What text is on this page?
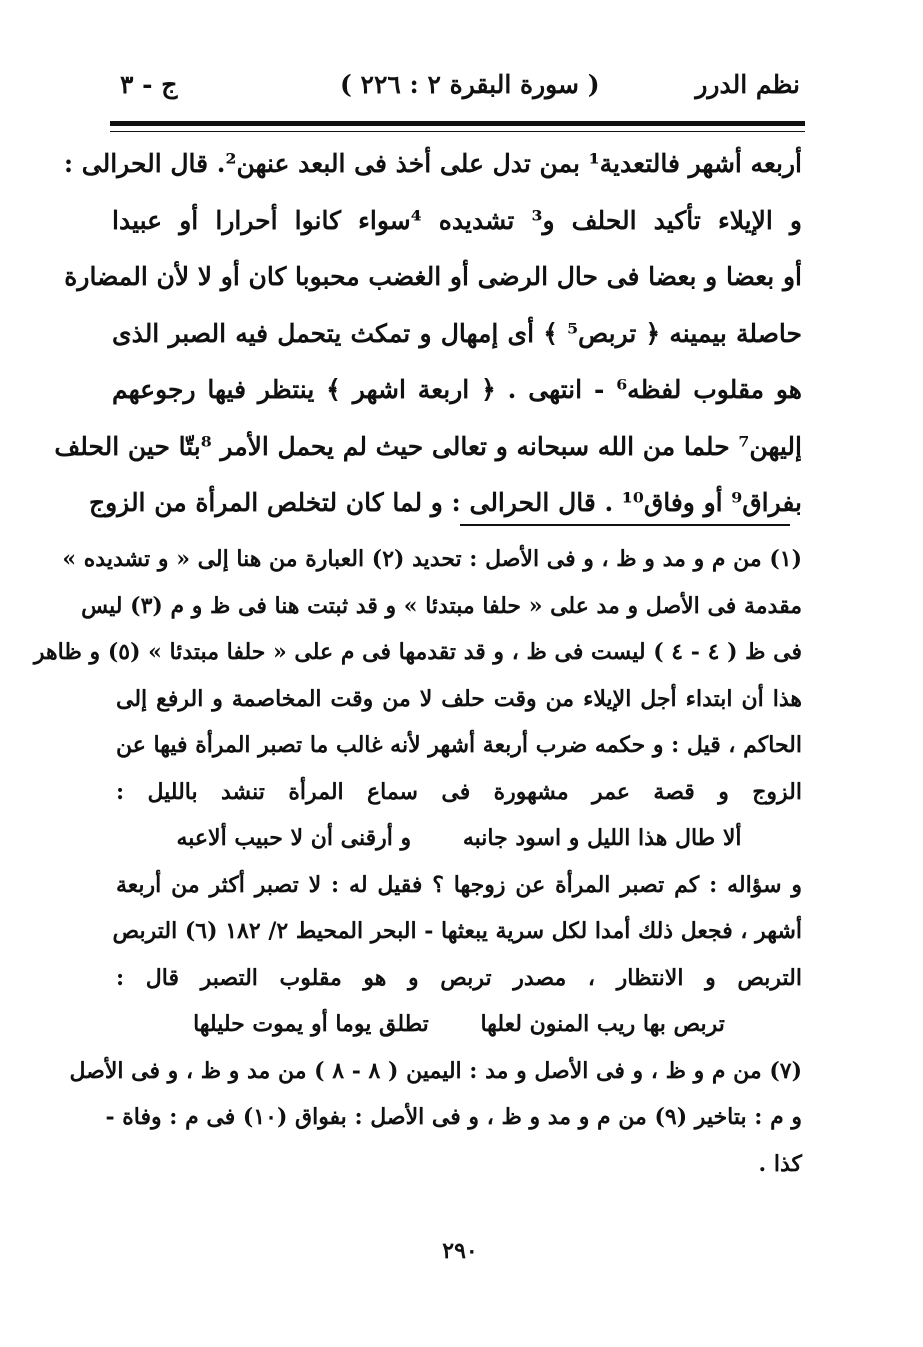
نظم الدرر
( سورة البقرة ٢ : ٢٢٦ )
ج - ٣
أربعه أشهر فالتعدية¹ بمن تدل على أخذ فى البعد عنهن². قال الحرالى :
و الإيلاء تأكيد الحلف و³ تشديده ⁴سواء كانوا أحرارا أو عبيدا
أو بعضا و بعضا فى حال الرضى أو الغضب محبوبا كان أو لا لأن المضارة
حاصلة بيمينه ﴿ تربص⁵ ﴾ أى إمهال و تمكث يتحمل فيه الصبر الذى
هو مقلوب لفظه⁶ - انتهى . ﴿ اربعة اشهر ﴾ ينتظر فيها رجوعهم
إليهن⁷ حلما من الله سبحانه و تعالى حيث لم يحمل الأمر ⁸بتّا حين الحلف
بفراق⁹ أو وفاق¹⁰ . قال الحرالى : و لما كان لتخلص المرأة من الزوج
(١) من م و مد و ظ ، و فى الأصل : تحديد (٢) العبارة من هنا إلى « و تشديده »
مقدمة فى الأصل و مد على « حلفا مبتدئا » و قد ثبتت هنا فى ظ و م (٣) ليس
فى ظ ( ٤ - ٤ ) ليست فى ظ ، و قد تقدمها فى م على « حلفا مبتدئا » (٥) و ظاهر
هذا أن ابتداء أجل الإيلاء من وقت حلف لا من وقت المخاصمة و الرفع إلى
الحاكم ، قيل : و حكمه ضرب أربعة أشهر لأنه غالب ما تصبر المرأة فيها عن
الزوج و قصة عمر مشهورة فى سماع المرأة تنشد بالليل :
ألا طال هذا الليل و اسود جانبه و أرقنى أن لا حبيب ألاعبه
و سؤاله : كم تصبر المرأة عن زوجها ؟ فقيل له : لا تصبر أكثر من أربعة
أشهر ، فجعل ذلك أمدا لكل سرية يبعثها - البحر المحيط ٢/ ١٨٢ (٦) التربص
التربص و الانتظار ، مصدر تربص و هو مقلوب التصبر قال :
تربص بها ريب المنون لعلها تطلق يوما أو يموت حليلها
(٧) من م و ظ ، و فى الأصل و مد : اليمين ( ٨ - ٨ ) من مد و ظ ، و فى الأصل
و م : بتاخير (٩) من م و مد و ظ ، و فى الأصل : بفواق (١٠) فى م : وفاة -
كذا .
٢٩٠
